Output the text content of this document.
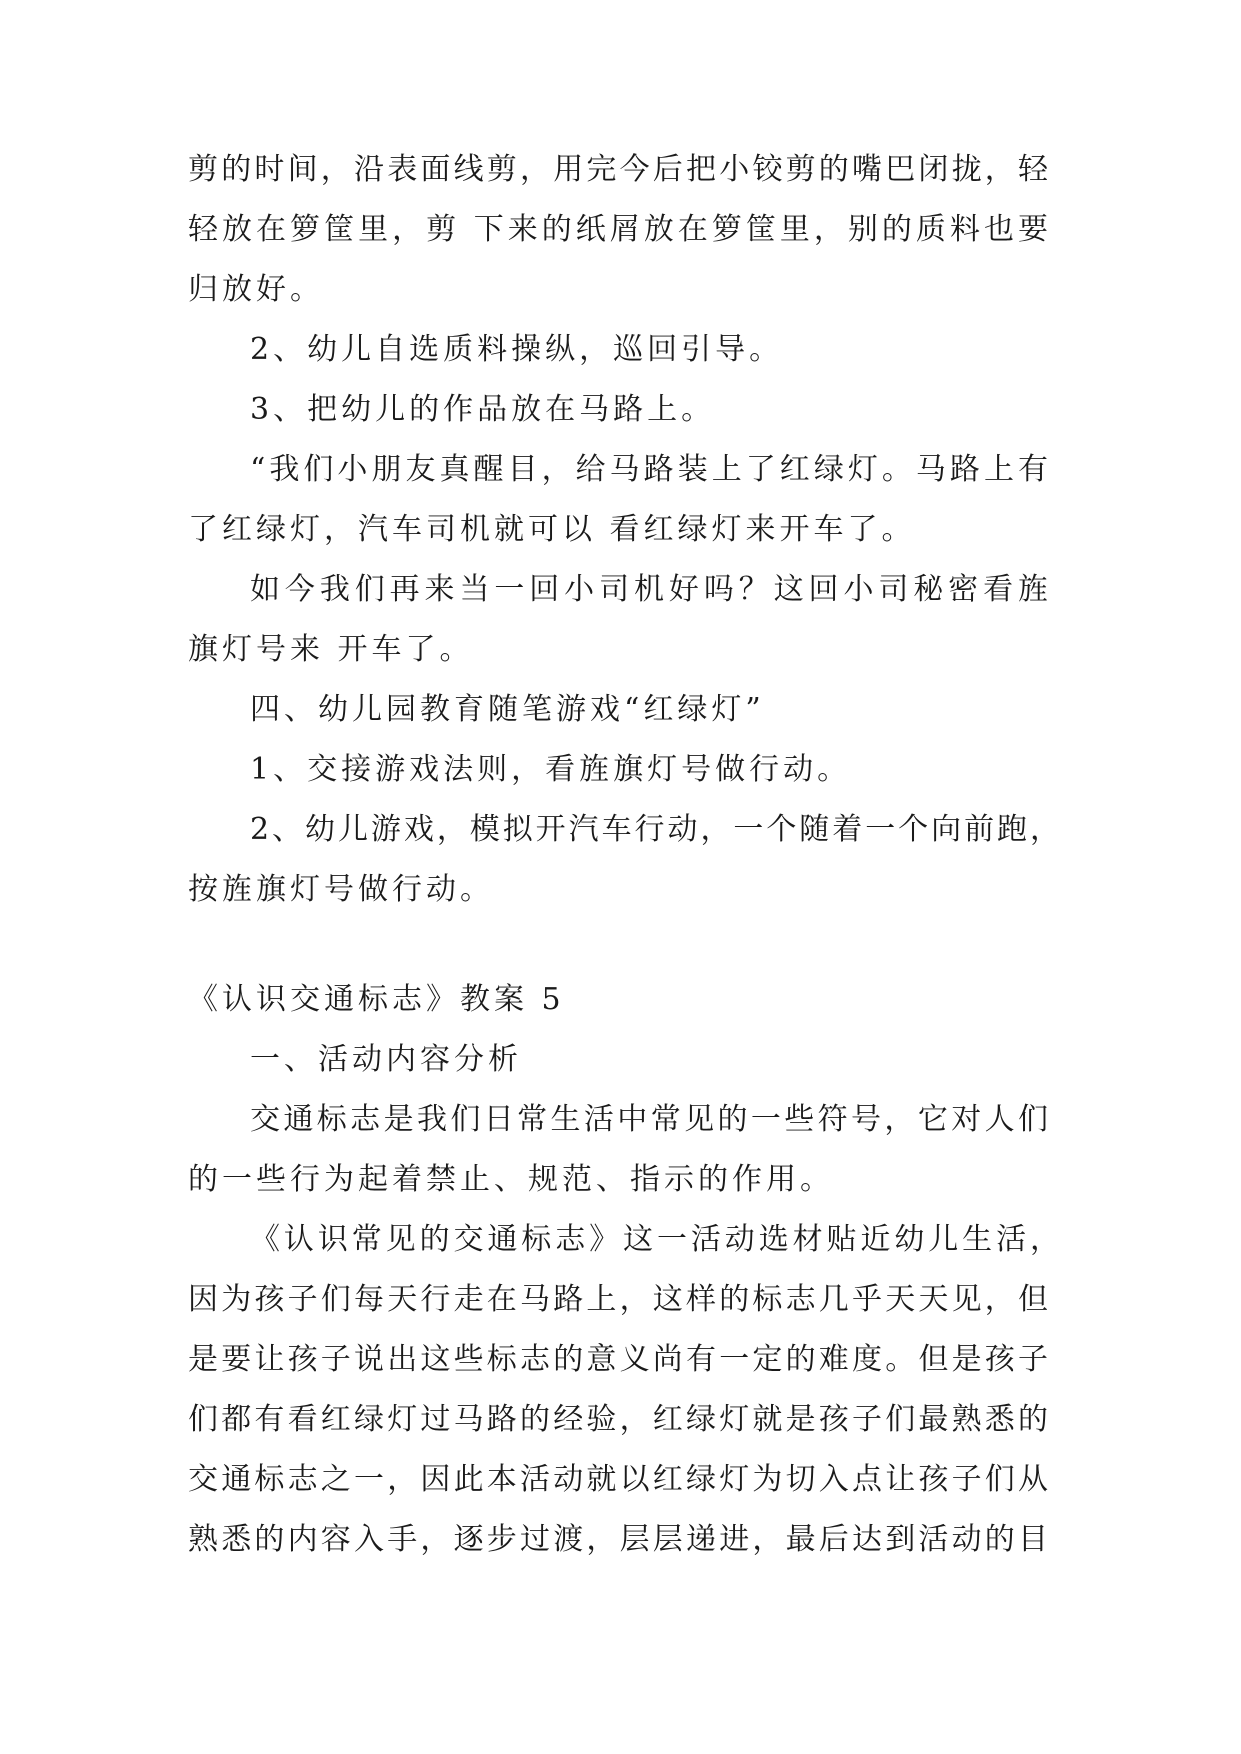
剪的时间，沿表面线剪，用完今后把小铰剪的嘴巴闭拢，轻

轻放在箩筐里，剪 下来的纸屑放在箩筐里，别的质料也要

归放好。

2、幼儿自选质料操纵，巡回引导。

3、把幼儿的作品放在马路上。

“我们小朋友真醒目，给马路装上了红绿灯。马路上有

了红绿灯，汽车司机就可以 看红绿灯来开车了。

如今我们再来当一回小司机好吗？这回小司秘密看旌

旗灯号来 开车了。

四、幼儿园教育随笔游戏“红绿灯”

1、交接游戏法则，看旌旗灯号做行动。

2、幼儿游戏，模拟开汽车行动，一个随着一个向前跑，

按旌旗灯号做行动。

《认识交通标志》教案 5

一、活动内容分析

交通标志是我们日常生活中常见的一些符号，它对人们

的一些行为起着禁止、规范、指示的作用。

《认识常见的交通标志》这一活动选材贴近幼儿生活，

因为孩子们每天行走在马路上，这样的标志几乎天天见，但

是要让孩子说出这些标志的意义尚有一定的难度。但是孩子

们都有看红绿灯过马路的经验，红绿灯就是孩子们最熟悉的

交通标志之一，因此本活动就以红绿灯为切入点让孩子们从

熟悉的内容入手，逐步过渡，层层递进，最后达到活动的目
